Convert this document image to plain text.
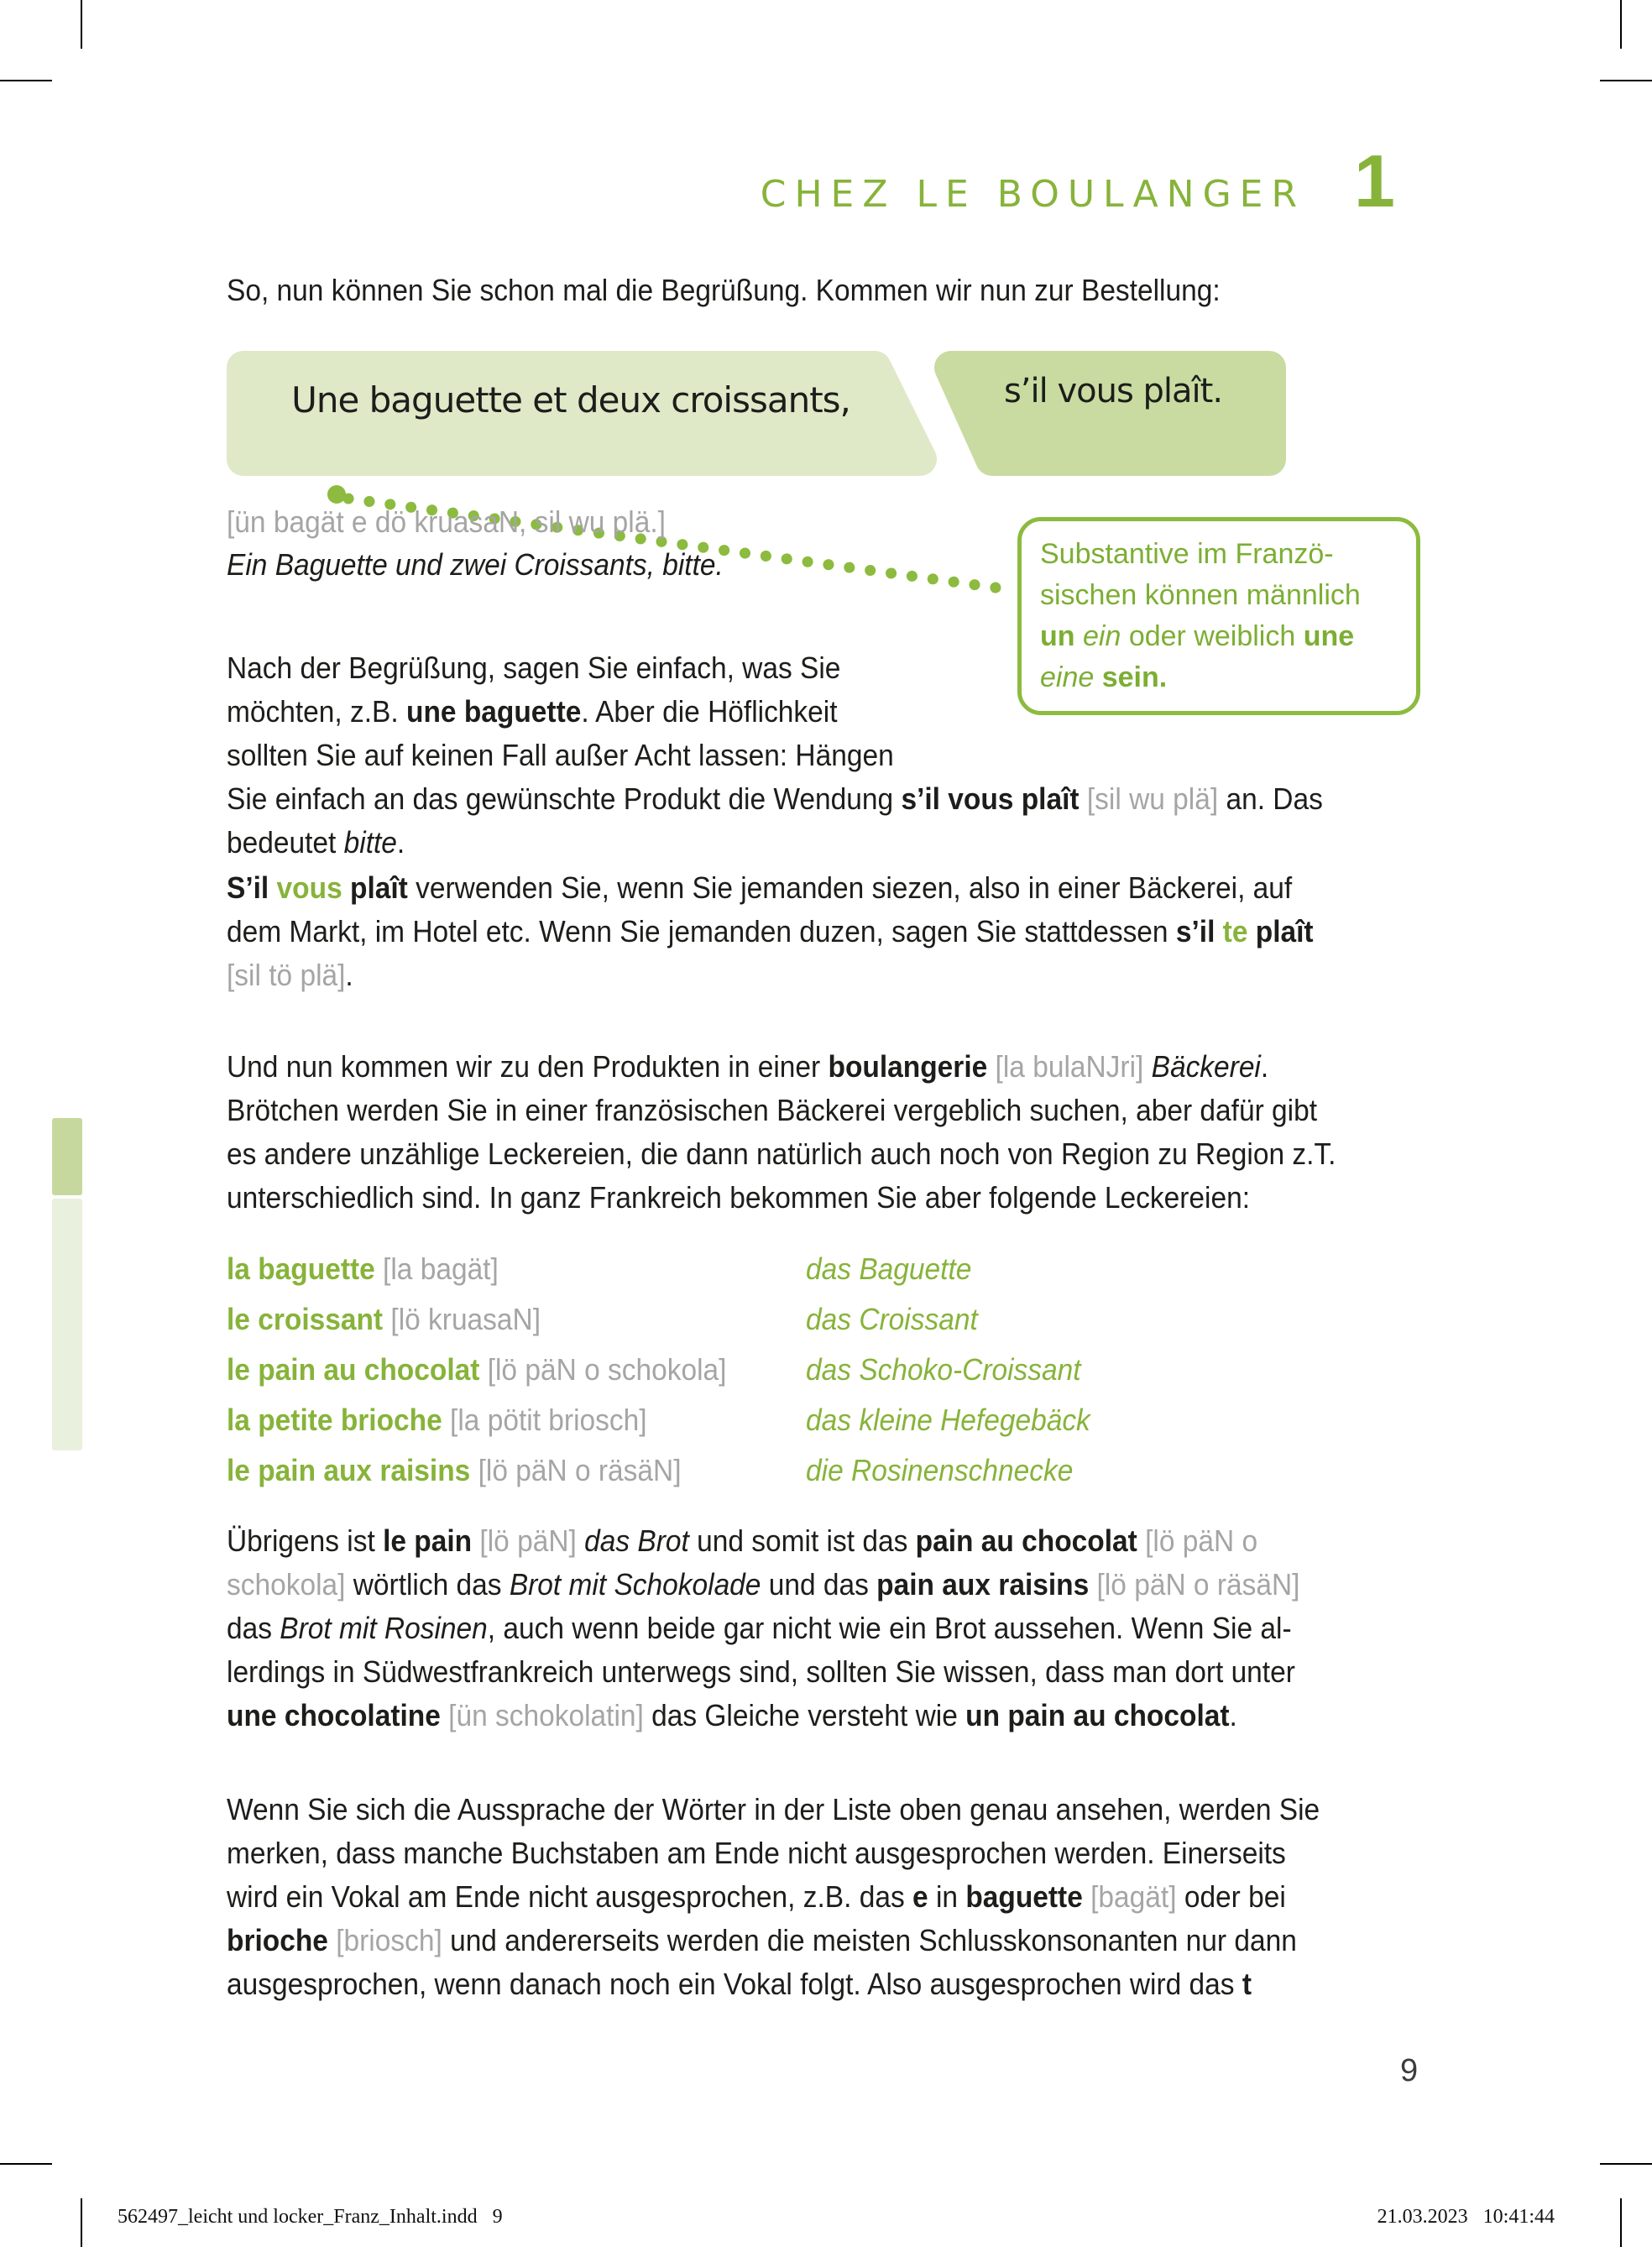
CHEZ LE BOULANGER 1
So, nun können Sie schon mal die Begrüßung. Kommen wir nun zur Bestellung:
Une baguette et deux croissants,	s’il vous plaît.
[ün bagät e dö kruasaN, sil wu plä.]
Ein Baguette und zwei Croissants, bitte.	Substantive im Franzö-
sischen können männlich
un ein oder weiblich une
eine sein.
Nach der Begrüßung, sagen Sie einfach, was Sie
möchten, z.B. une baguette. Aber die Höflichkeit
sollten Sie auf keinen Fall außer Acht lassen: Hängen
Sie einfach an das gewünschte Produkt die Wendung s’il vous plaît [sil wu plä] an. Das
bedeutet bitte.
S’il vous plaît verwenden Sie, wenn Sie jemanden siezen, also in einer Bäckerei, auf
dem Markt, im Hotel etc. Wenn Sie jemanden duzen, sagen Sie stattdessen s’il te plaît
[sil tö plä].
Und nun kommen wir zu den Produkten in einer boulangerie [la bulaNJri] Bäckerei.
Brötchen werden Sie in einer französischen Bäckerei vergeblich suchen, aber dafür gibt
es andere unzählige Leckereien, die dann natürlich auch noch von Region zu Region z.T.
unterschiedlich sind. In ganz Frankreich bekommen Sie aber folgende Leckereien:
la baguette [la bagät]	das Baguette
le croissant [lö kruasaN]	das Croissant
le pain au chocolat [lö päN o schokola]	das Schoko-Croissant
la petite brioche [la pötit briosch]	das kleine Hefegebäck
le pain aux raisins [lö päN o räsäN]	die Rosinenschnecke
Übrigens ist le pain [lö päN] das Brot und somit ist das pain au chocolat [lö päN o
schokola] wörtlich das Brot mit Schokolade und das pain aux raisins [lö päN o räsäN]
das Brot mit Rosinen, auch wenn beide gar nicht wie ein Brot aussehen. Wenn Sie al-
lerdings in Südwestfrankreich unterwegs sind, sollten Sie wissen, dass man dort unter
une chocolatine [ün schokolatin] das Gleiche versteht wie un pain au chocolat.
Wenn Sie sich die Aussprache der Wörter in der Liste oben genau ansehen, werden Sie
merken, dass manche Buchstaben am Ende nicht ausgesprochen werden. Einerseits
wird ein Vokal am Ende nicht ausgesprochen, z.B. das e in baguette [bagät] oder bei
brioche [briosch] und andererseits werden die meisten Schlusskonsonanten nur dann
ausgesprochen, wenn danach noch ein Vokal folgt. Also ausgesprochen wird das t
9
562497_leicht und locker_Franz_Inhalt.indd   9	21.03.2023   10:41:44
